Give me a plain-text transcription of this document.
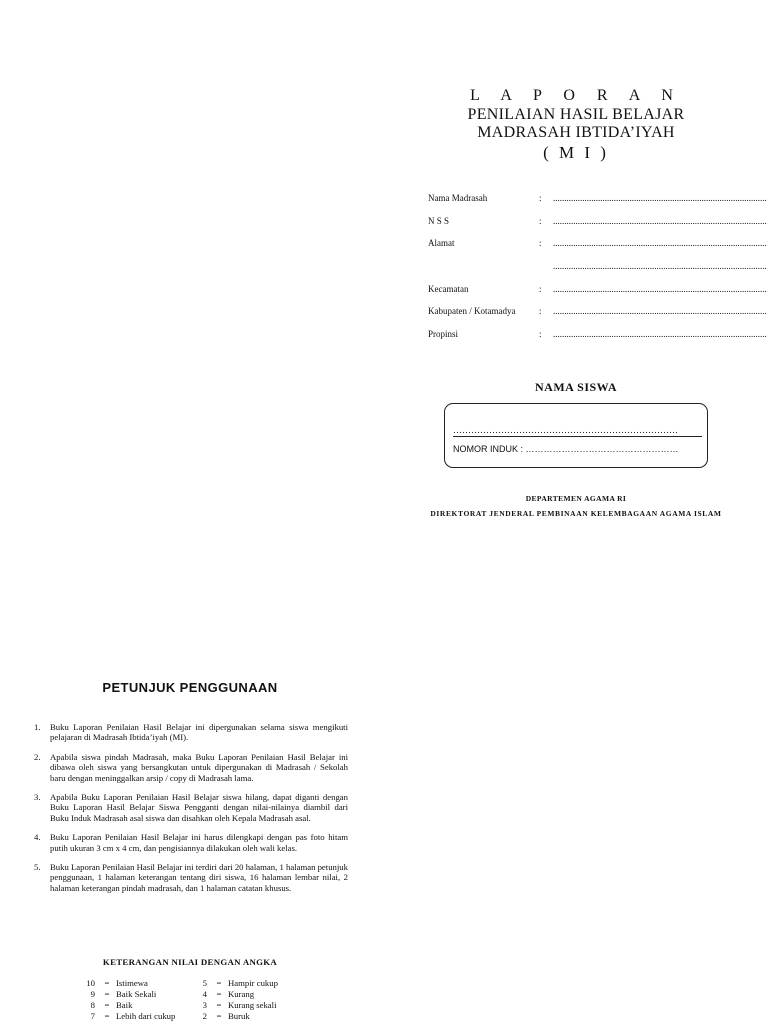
L A P O R A N
PENILAIAN HASIL BELAJAR
MADRASAH IBTIDA’IYAH
( M I )
Nama Madrasah	: ...............................................................................................
N S S	: ...............................................................................................
Alamat	: ...............................................................................................
...............................................................................................
Kecamatan	: ...............................................................................................
Kabupaten / Kotamadya	: ...............................................................................................
Propinsi	: ...............................................................................................
NAMA SISWA
…………………………………………………………………
NOMOR INDUK : ……………………………………………
DEPARTEMEN AGAMA RI
DIREKTORAT JENDERAL PEMBINAAN KELEMBAGAAN AGAMA ISLAM
PETUNJUK PENGGUNAAN
1. Buku Laporan Penilaian Hasil Belajar ini dipergunakan selama siswa mengikuti pelajaran di Madrasah Ibtida’iyah (MI).
2. Apabila siswa pindah Madrasah, maka Buku Laporan Penilaian Hasil Belajar ini dibawa oleh siswa yang bersangkutan untuk dipergunakan di Madrasah / Sekolah baru dengan meninggalkan arsip / copy di Madrasah lama.
3. Apabila Buku Laporan Penilaian Hasil Belajar siswa hilang, dapat diganti dengan Buku Laporan Hasil Belajar Siswa Pengganti dengan nilai-nilainya diambil dari Buku Induk Madrasah asal siswa dan disahkan oleh Kepala Madrasah asal.
4. Buku Laporan Penilaian Hasil Belajar ini harus dilengkapi dengan pas foto hitam putih ukuran 3 cm x 4 cm, dan pengisiannya dilakukan oleh wali kelas.
5. Buku Laporan Penilaian Hasil Belajar ini terdiri dari 20 halaman, 1 halaman petunjuk penggunaan, 1 halaman keterangan tentang diri siswa, 16 halaman lembar nilai, 2 halaman keterangan pindah madrasah, dan 1 halaman catatan khusus.
KETERANGAN NILAI DENGAN ANGKA
10	=	Istimewa	5	=	Hampir cukup
9	=	Baik Sekali	4	=	Kurang
8	=	Baik	3	=	Kurang sekali
7	=	Lebih dari cukup	2	=	Buruk
